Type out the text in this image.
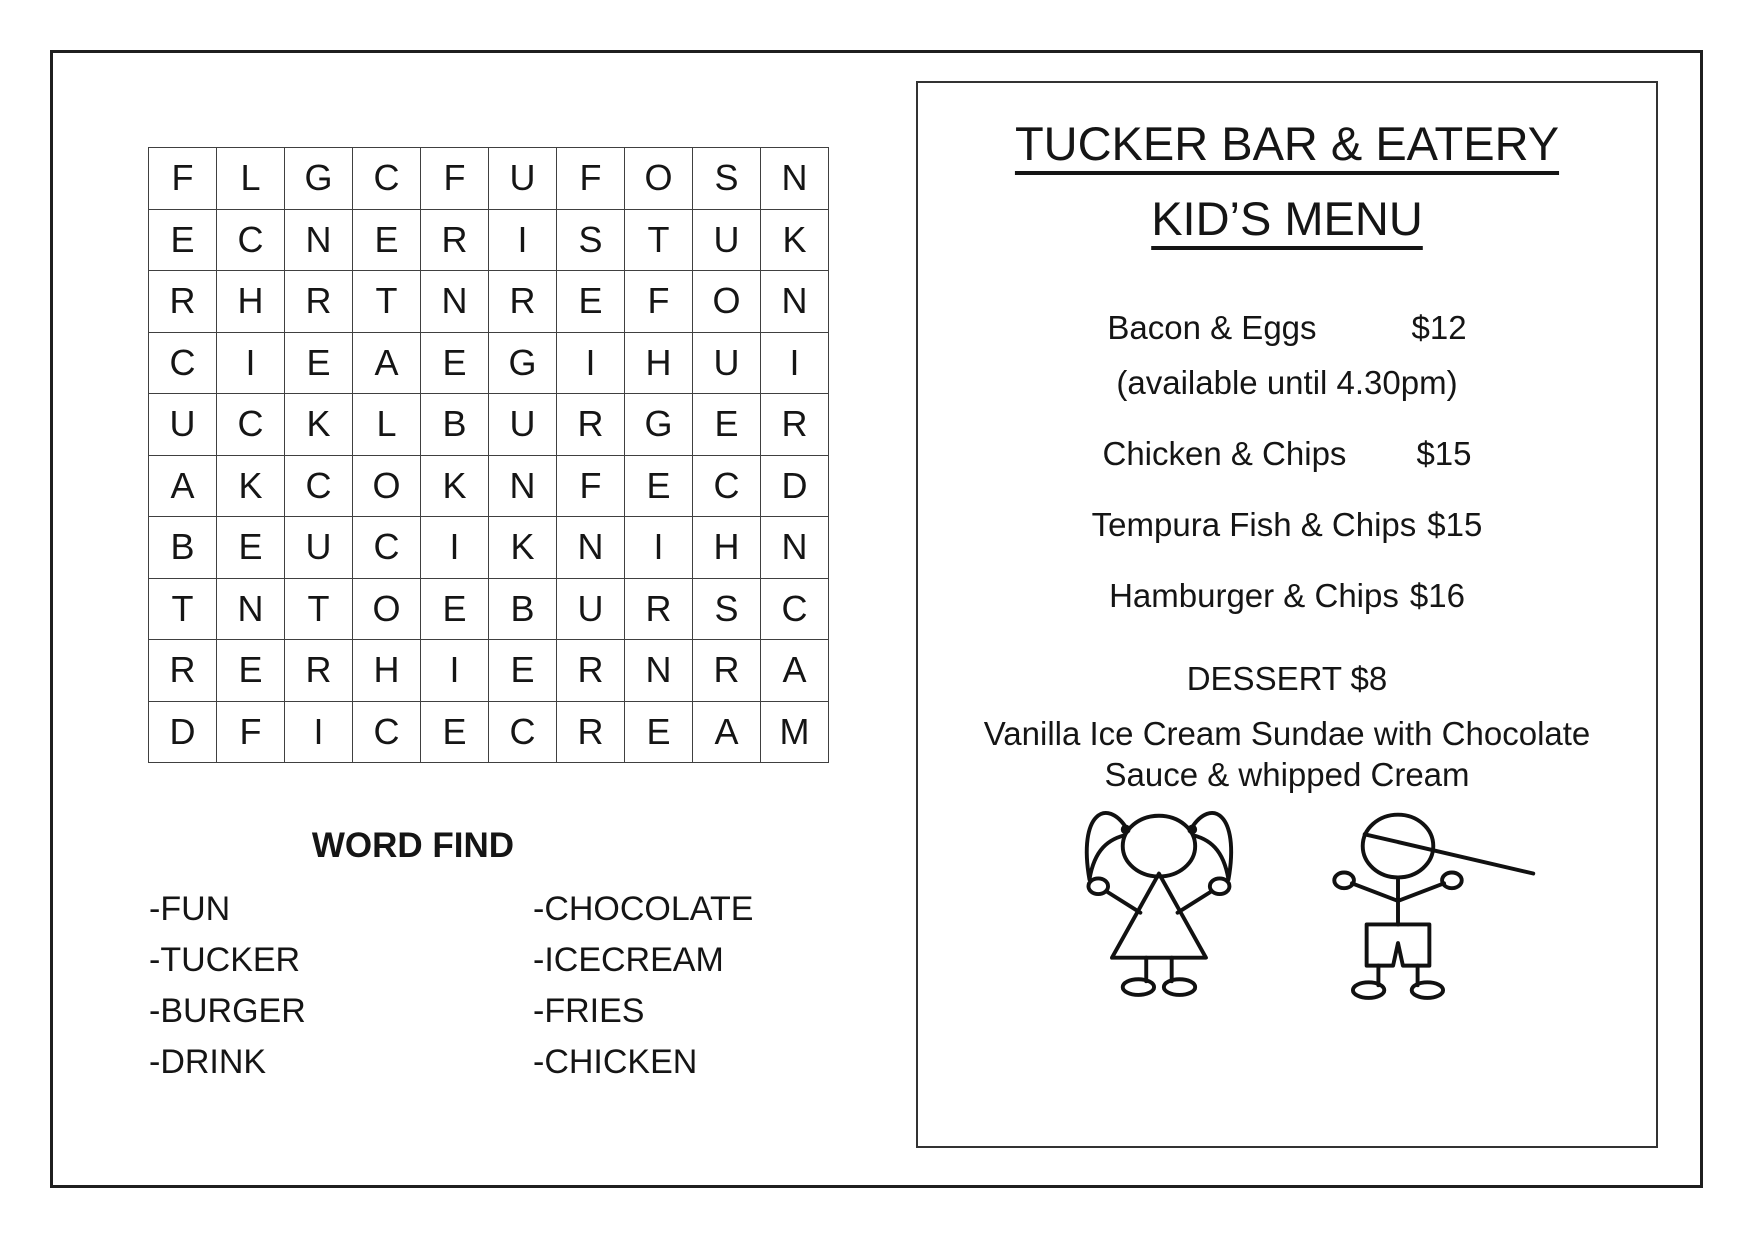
F	L	G	C	F	U	F	O	S	N
E	C	N	E	R	I	S	T	U	K
R	H	R	T	N	R	E	F	O	N
C	I	E	A	E	G	I	H	U	I
U	C	K	L	B	U	R	G	E	R
A	K	C	O	K	N	F	E	C	D
B	E	U	C	I	K	N	I	H	N
T	N	T	O	E	B	U	R	S	C
R	E	R	H	I	E	R	N	R	A
D	F	I	C	E	C	R	E	A	M
WORD FIND
-FUN
-TUCKER
-BURGER
-DRINK
-CHOCOLATE
-ICECREAM
-FRIES
-CHICKEN
TUCKER BAR & EATERY
KID’S MENU
Bacon & Eggs	$12
(available until 4.30pm)
Chicken & Chips $15
Tempura Fish & Chips $15
Hamburger & Chips $16
DESSERT $8
Vanilla Ice Cream Sundae with Chocolate
Sauce & whipped Cream
